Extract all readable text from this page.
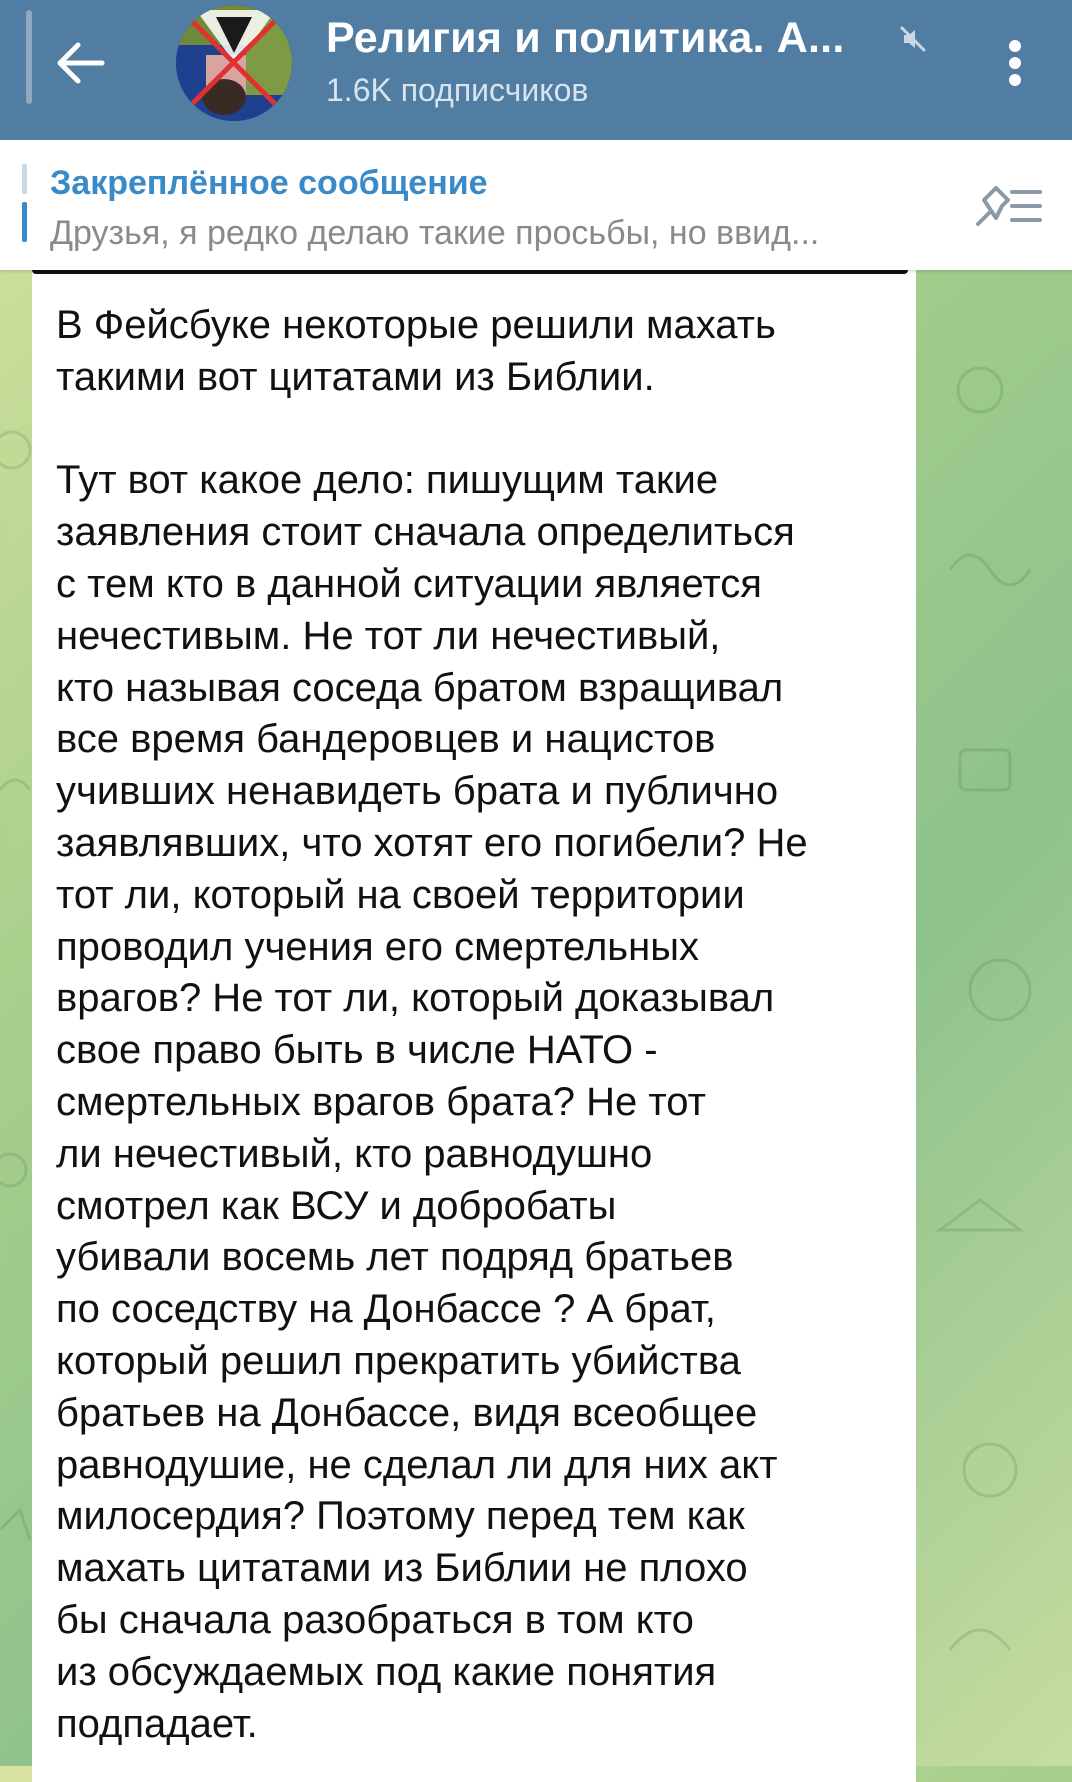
Религия и политика. А...
1.6K подписчиков
Закреплённое сообщение
Друзья, я редко делаю такие просьбы, но ввид...

В Фейсбуке некоторые решили махать

такими вот цитатами из Библии.

Тут вот какое дело: пишущим такие

заявления стоит сначала определиться

с тем кто в данной ситуации является

нечестивым. Не тот ли нечестивый,

кто называя соседа братом взращивал

все время бандеровцев и нацистов

учивших ненавидеть брата и публично

заявлявших, что хотят его погибели? Не

тот ли, который на своей территории

проводил учения его смертельных

врагов? Не тот ли, который доказывал

свое право быть в числе НАТО -

смертельных врагов брата? Не тот

ли нечестивый, кто равнодушно

смотрел как ВСУ и добробаты

убивали восемь лет подряд братьев

по соседству на Донбассе ? А брат,

который решил прекратить убийства

братьев на Донбассе, видя всеобщее

равнодушие, не сделал ли для них акт

милосердия? Поэтому перед тем как

махать цитатами из Библии не плохо

бы сначала разобраться в том кто

из обсуждаемых под какие понятия

подпадает.
